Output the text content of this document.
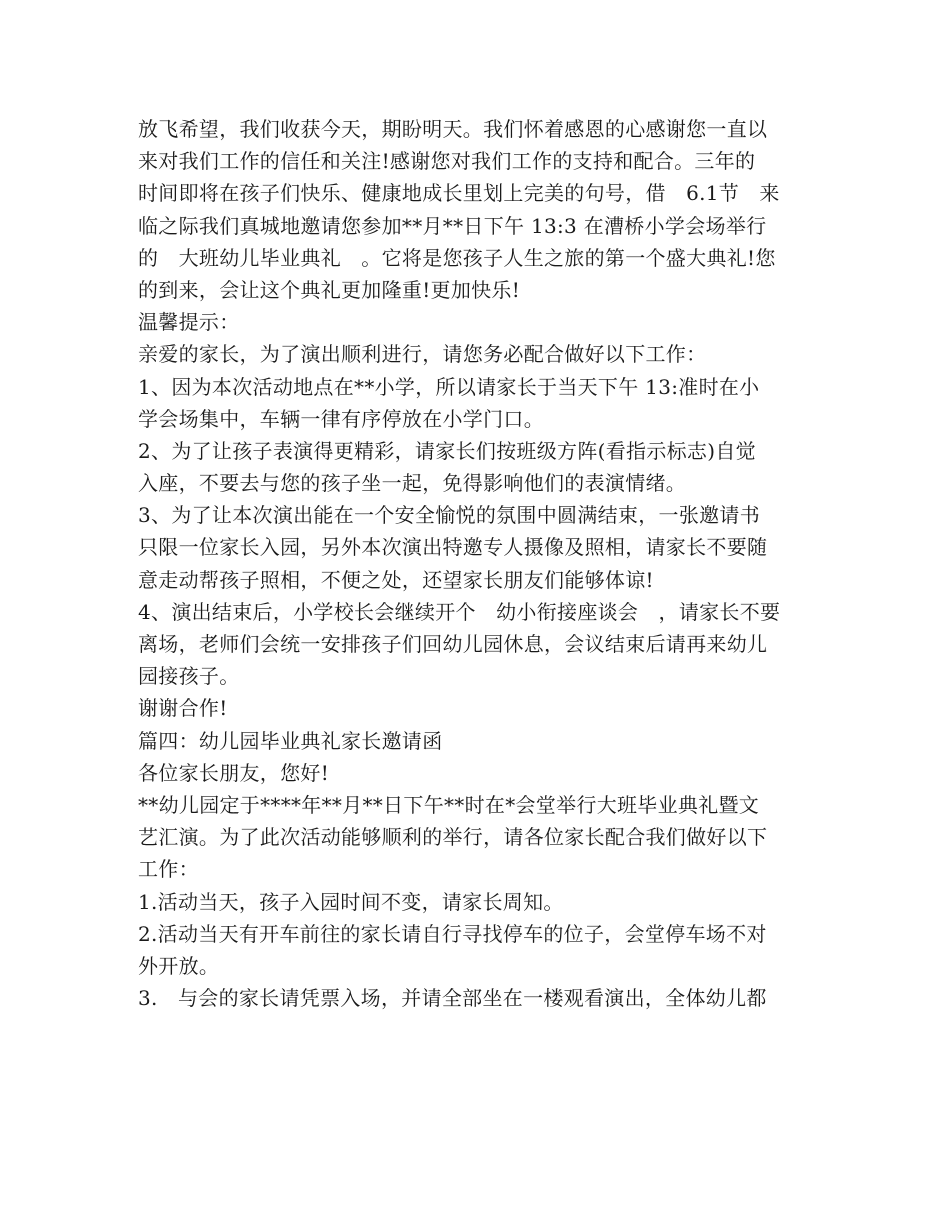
放飞希望，我们收获今天，期盼明天。我们怀着感恩的心感谢您一直以
来对我们工作的信任和关注!感谢您对我们工作的支持和配合。三年的
时间即将在孩子们快乐、健康地成长里划上完美的句号，借　6.1节　来
临之际我们真城地邀请您参加**月**日下午 13:3 在漕桥小学会场举行
的　大班幼儿毕业典礼　。它将是您孩子人生之旅的第一个盛大典礼!您
的到来，会让这个典礼更加隆重!更加快乐!
温馨提示：
亲爱的家长，为了演出顺利进行，请您务必配合做好以下工作：
1、因为本次活动地点在**小学，所以请家长于当天下午 13:准时在小
学会场集中，车辆一律有序停放在小学门口。
2、为了让孩子表演得更精彩，请家长们按班级方阵(看指示标志)自觉
入座，不要去与您的孩子坐一起，免得影响他们的表演情绪。
3、为了让本次演出能在一个安全愉悦的氛围中圆满结束，一张邀请书
只限一位家长入园，另外本次演出特邀专人摄像及照相，请家长不要随
意走动帮孩子照相，不便之处，还望家长朋友们能够体谅!
4、演出结束后，小学校长会继续开个　幼小衔接座谈会　，请家长不要
离场，老师们会统一安排孩子们回幼儿园休息，会议结束后请再来幼儿
园接孩子。
谢谢合作!
篇四：幼儿园毕业典礼家长邀请函
各位家长朋友，您好!
**幼儿园定于****年**月**日下午**时在*会堂举行大班毕业典礼暨文
艺汇演。为了此次活动能够顺利的举行，请各位家长配合我们做好以下
工作：
1.活动当天，孩子入园时间不变，请家长周知。
2.活动当天有开车前往的家长请自行寻找停车的位子，会堂停车场不对
外开放。
3.　与会的家长请凭票入场，并请全部坐在一楼观看演出，全体幼儿都
